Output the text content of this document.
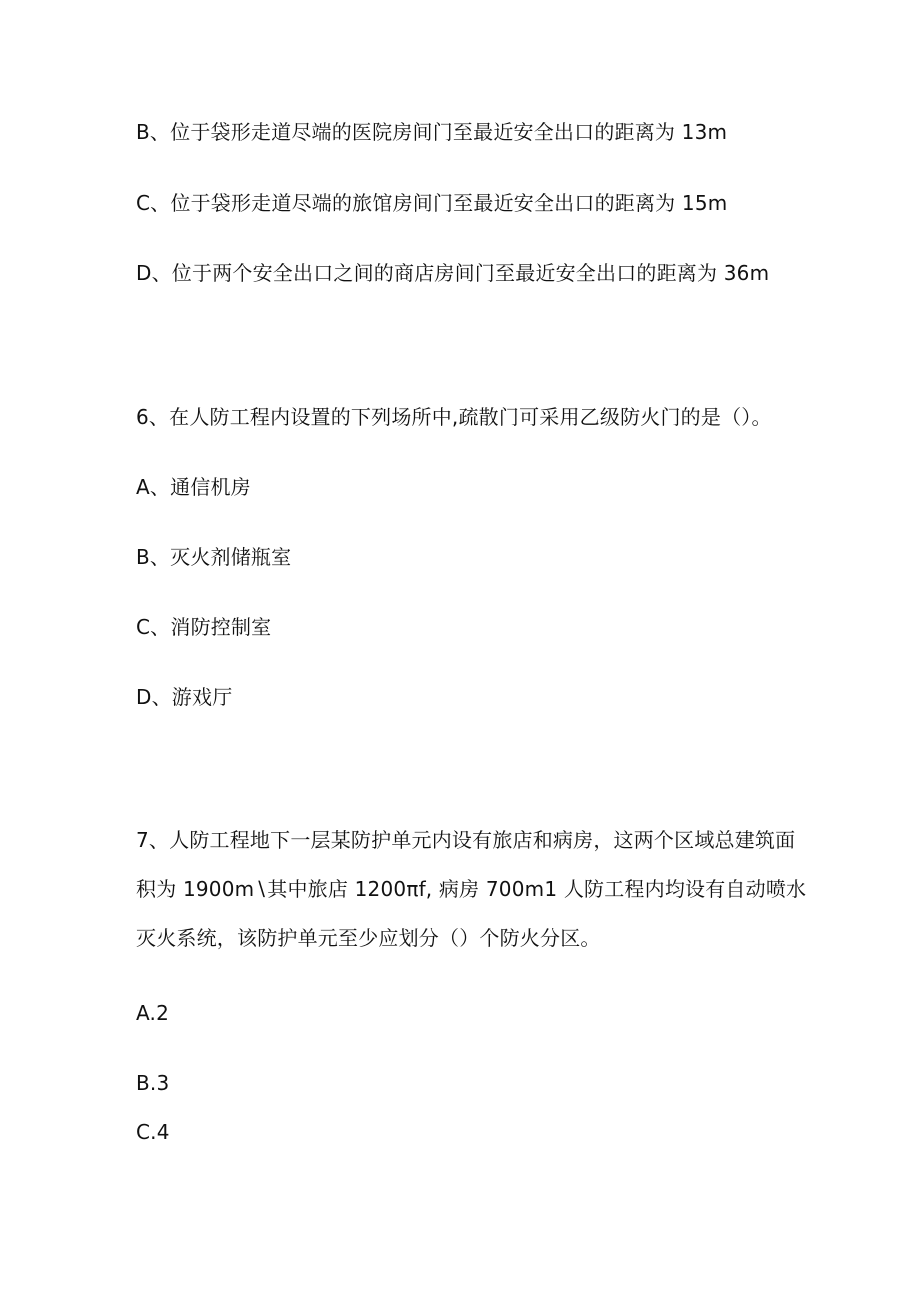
B、位于袋形走道尽端的医院房间门至最近安全出口的距离为 13m
C、位于袋形走道尽端的旅馆房间门至最近安全出口的距离为 15m
D、位于两个安全出口之间的商店房间门至最近安全出口的距离为 36m
6、在人防工程内设置的下列场所中,疏散门可采用乙级防火门的是（）。
A、通信机房
B、灭火剂储瓶室
C、消防控制室
D、游戏厅
7、人防工程地下一层某防护单元内设有旅店和病房，这两个区域总建筑面
积为 1900m∖其中旅店 1200πf, 病房 700m1 人防工程内均设有自动喷水
灭火系统，该防护单元至少应划分（）个防火分区。
A.2
B.3
C.4
